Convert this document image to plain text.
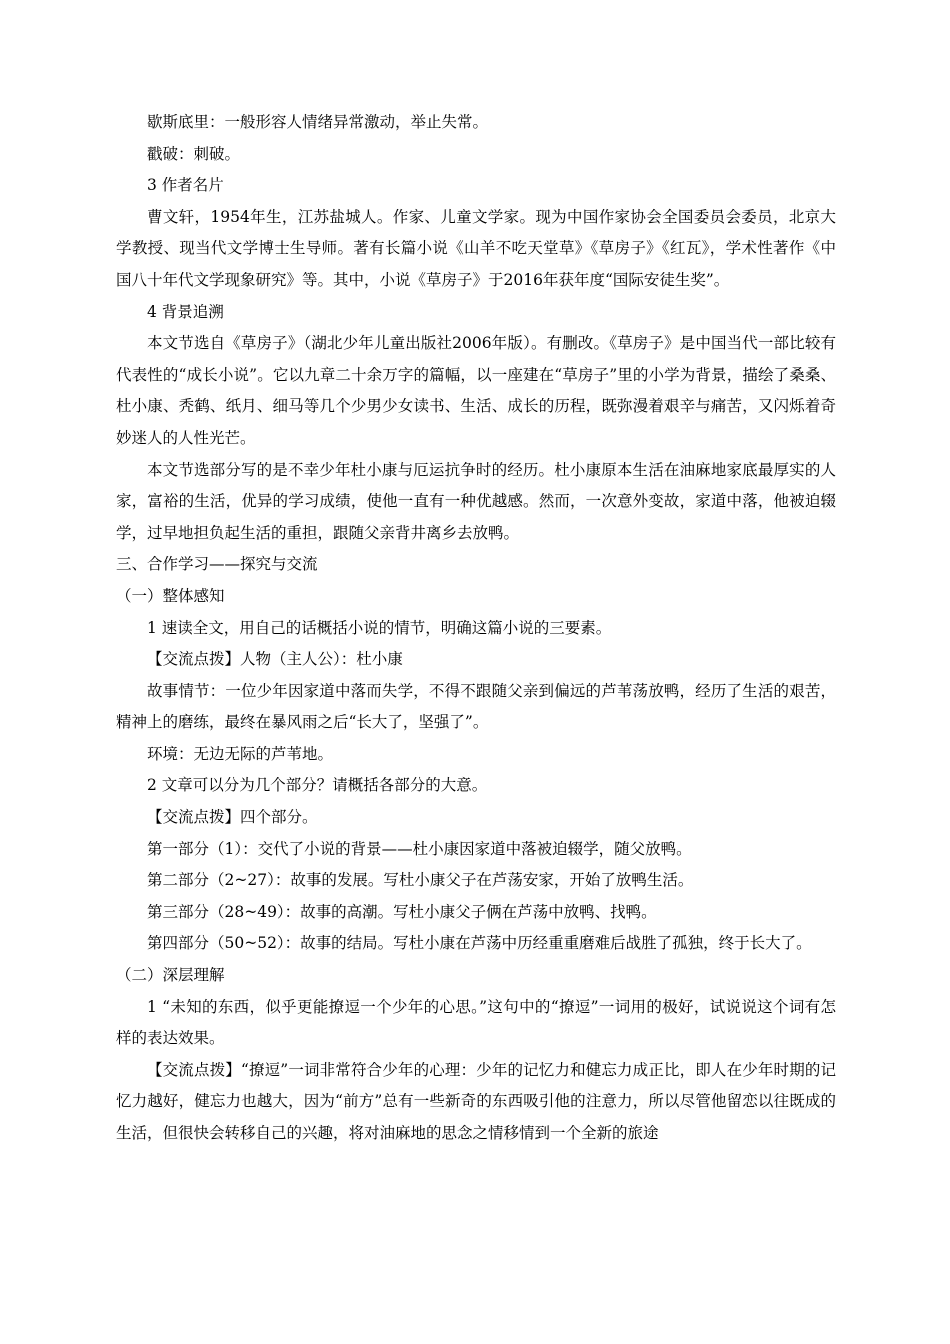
歇斯底里：一般形容人情绪异常激动，举止失常。
戳破：刺破。
3 作者名片

曹文轩，1954年生，江苏盐城人。作家、儿童文学家。现为中国作家协会全国委员会委员，北京大学教授、现当代文学博士生导师。著有长篇小说《山羊不吃天堂草》《草房子》《红瓦》，学术性著作《中国八十年代文学现象研究》等。其中，小说《草房子》于2016年获年度“国际安徒生奖”。

4 背景追溯

本文节选自《草房子》（湖北少年儿童出版社2006年版）。有删改。《草房子》是中国当代一部比较有代表性的“成长小说”。它以九章二十余万字的篇幅，以一座建在“草房子”里的小学为背景，描绘了桑桑、杜小康、秃鹤、纸月、细马等几个少男少女读书、生活、成长的历程，既弥漫着艰辛与痛苦，又闪烁着奇妙迷人的人性光芒。

本文节选部分写的是不幸少年杜小康与厄运抗争时的经历。杜小康原本生活在油麻地家底最厚实的人家，富裕的生活，优异的学习成绩，使他一直有一种优越感。然而，一次意外变故，家道中落，他被迫辍学，过早地担负起生活的重担，跟随父亲背井离乡去放鸭。

三、合作学习——探究与交流
（一）整体感知
1 速读全文，用自己的话概括小说的情节，明确这篇小说的三要素。
【交流点拨】人物（主人公）：杜小康

故事情节：一位少年因家道中落而失学，不得不跟随父亲到偏远的芦苇荡放鸭，经历了生活的艰苦，精神上的磨练，最终在暴风雨之后“长大了，坚强了”。

环境：无边无际的芦苇地。
2 文章可以分为几个部分？请概括各部分的大意。
【交流点拨】四个部分。
第一部分（1）：交代了小说的背景——杜小康因家道中落被迫辍学，随父放鸭。
第二部分（2~27）：故事的发展。写杜小康父子在芦荡安家，开始了放鸭生活。
第三部分（28~49）：故事的高潮。写杜小康父子俩在芦荡中放鸭、找鸭。

第四部分（50~52）：故事的结局。写杜小康在芦荡中历经重重磨难后战胜了孤独，终于长大了。

（二）深层理解

1 “未知的东西，似乎更能撩逗一个少年的心思。”这句中的“撩逗”一词用的极好，试说说这个词有怎样的表达效果。

【交流点拨】“撩逗”一词非常符合少年的心理：少年的记忆力和健忘力成正比，即人在少年时期的记忆力越好，健忘力也越大，因为“前方”总有一些新奇的东西吸引他的注意力，所以尽管他留恋以往既成的生活，但很快会转移自己的兴趣，将对油麻地的思念之情移情到一个全新的旅途
